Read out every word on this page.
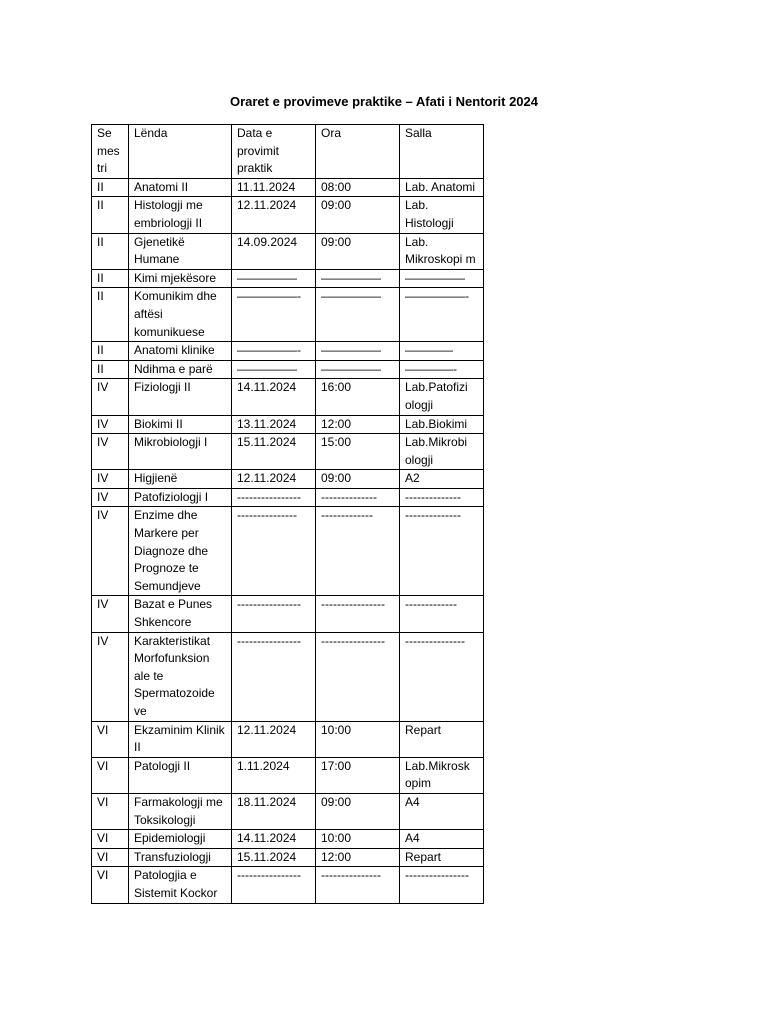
Oraret e provimeve praktike – Afati i Nentorit 2024
Se mes tri	Lënda	Data e provimit praktik	Ora	Salla
II	Anatomi II	11.11.2024	08:00	Lab. Anatomi
II	Histologji me embriologji II	12.11.2024	09:00	Lab. Histologji
II	Gjenetikë Humane	14.09.2024	09:00	Lab. Mikroskopi m
II	Kimi mjekësore	—————	—————	—————
II	Komunikim dhe aftësi komunikuese	—————-	—————	—————-
II	Anatomi klinike	—————-	—————	————
II	Ndihma e parë	—————	—————	————-
IV	Fiziologji II	14.11.2024	16:00	Lab.Patofizi ologji
IV	Biokimi II	13.11.2024	12:00	Lab.Biokimi
IV	Mikrobiologji I	15.11.2024	15:00	Lab.Mikrobi ologji
IV	Higjienë	12.11.2024	09:00	A2
IV	Patofiziologji I	----------------	--------------	--------------
IV	Enzime dhe Markere per Diagnoze dhe Prognoze te Semundjeve	---------------	-------------	--------------
IV	Bazat e Punes Shkencore	----------------	----------------	-------------
IV	Karakteristikat Morfofunksion ale te Spermatozoide ve	----------------	----------------	---------------
VI	Ekzaminim Klinik II	12.11.2024	10:00	Repart
VI	Patologji II	1.11.2024	17:00	Lab.Mikrosk opim
VI	Farmakologji me Toksikologji	18.11.2024	09:00	A4
VI	Epidemiologji	14.11.2024	10:00	A4
VI	Transfuziologji	15.11.2024	12:00	Repart
VI	Patologjia e Sistemit Kockor	----------------	---------------	----------------
